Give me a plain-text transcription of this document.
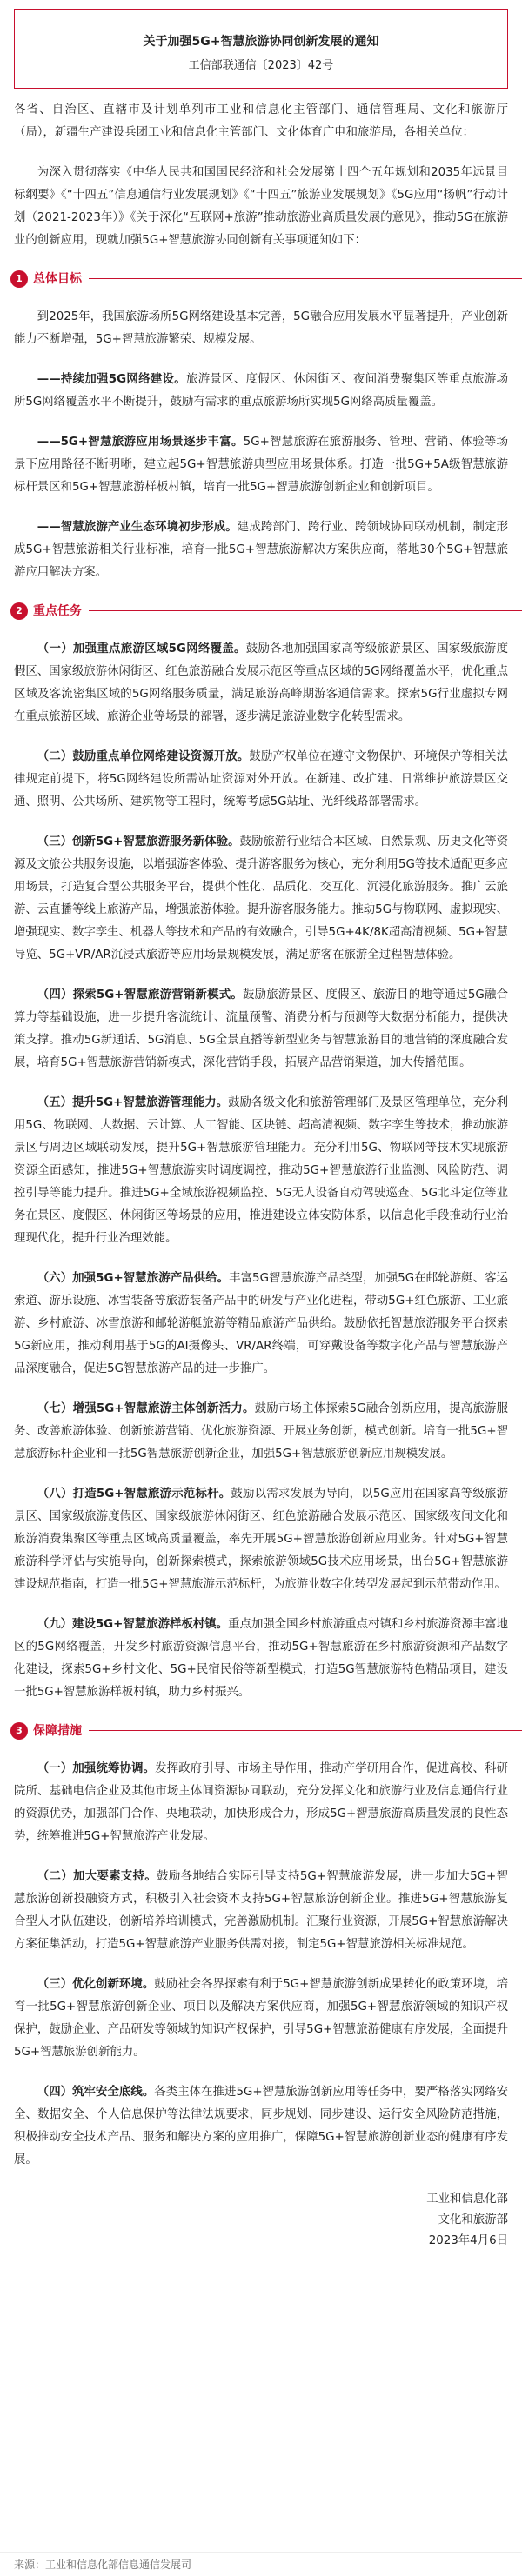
关于加强5G+智慧旅游协同创新发展的通知
工信部联通信〔2023〕42号

各省、自治区、直辖市及计划单列市工业和信息化主管部门、通信管理局、文化和旅游厅（局），新疆生产建设兵团工业和信息化主管部门、文化体育广电和旅游局，各相关单位：

为深入贯彻落实《中华人民共和国国民经济和社会发展第十四个五年规划和2035年远景目标纲要》《“十四五”信息通信行业发展规划》《“十四五”旅游业发展规划》《5G应用“扬帆”行动计划（2021-2023年）》《关于深化“互联网+旅游”推动旅游业高质量发展的意见》，推动5G在旅游业的创新应用，现就加强5G+智慧旅游协同创新有关事项通知如下：

1 总体目标

到2025年，我国旅游场所5G网络建设基本完善，5G融合应用发展水平显著提升，产业创新能力不断增强，5G+智慧旅游繁荣、规模发展。

——持续加强5G网络建设。旅游景区、度假区、休闲街区、夜间消费聚集区等重点旅游场所5G网络覆盖水平不断提升，鼓励有需求的重点旅游场所实现5G网络高质量覆盖。

——5G+智慧旅游应用场景逐步丰富。5G+智慧旅游在旅游服务、管理、营销、体验等场景下应用路径不断明晰，建立起5G+智慧旅游典型应用场景体系。打造一批5G+5A级智慧旅游标杆景区和5G+智慧旅游样板村镇，培育一批5G+智慧旅游创新企业和创新项目。

——智慧旅游产业生态环境初步形成。建成跨部门、跨行业、跨领域协同联动机制，制定形成5G+智慧旅游相关行业标准，培育一批5G+智慧旅游解决方案供应商，落地30个5G+智慧旅游应用解决方案。

2 重点任务

（一）加强重点旅游区域5G网络覆盖。鼓励各地加强国家高等级旅游景区、国家级旅游度假区、国家级旅游休闲街区、红色旅游融合发展示范区等重点区域的5G网络覆盖水平，优化重点区域及客流密集区域的5G网络服务质量，满足旅游高峰期游客通信需求。探索5G行业虚拟专网在重点旅游区域、旅游企业等场景的部署，逐步满足旅游业数字化转型需求。

（二）鼓励重点单位网络建设资源开放。鼓励产权单位在遵守文物保护、环境保护等相关法律规定前提下，将5G网络建设所需站址资源对外开放。在新建、改扩建、日常维护旅游景区交通、照明、公共场所、建筑物等工程时，统筹考虑5G站址、光纤线路部署需求。

（三）创新5G+智慧旅游服务新体验。鼓励旅游行业结合本区域、自然景观、历史文化等资源及文旅公共服务设施，以增强游客体验、提升游客服务为核心，充分利用5G等技术适配更多应用场景，打造复合型公共服务平台，提供个性化、品质化、交互化、沉浸化旅游服务。推广云旅游、云直播等线上旅游产品，增强旅游体验。提升游客服务能力。推动5G与物联网、虚拟现实、增强现实、数字孪生、机器人等技术和产品的有效融合，引导5G+4K/8K超高清视频、5G+智慧导览、5G+VR/AR沉浸式旅游等应用场景规模发展，满足游客在旅游全过程智慧体验。

（四）探索5G+智慧旅游营销新模式。鼓励旅游景区、度假区、旅游目的地等通过5G融合算力等基础设施，进一步提升客流统计、流量预警、消费分析与预测等大数据分析能力，提供决策支撑。推动5G新通话、5G消息、5G全景直播等新型业务与智慧旅游目的地营销的深度融合发展，培育5G+智慧旅游营销新模式，深化营销手段，拓展产品营销渠道，加大传播范围。

（五）提升5G+智慧旅游管理能力。鼓励各级文化和旅游管理部门及景区管理单位，充分利用5G、物联网、大数据、云计算、人工智能、区块链、超高清视频、数字孪生等技术，推动旅游景区与周边区域联动发展，提升5G+智慧旅游管理能力。充分利用5G、物联网等技术实现旅游资源全面感知，推进5G+智慧旅游实时调度调控，推动5G+智慧旅游行业监测、风险防范、调控引导等能力提升。推进5G+全域旅游视频监控、5G无人设备自动驾驶巡查、5G北斗定位等业务在景区、度假区、休闲街区等场景的应用，推进建设立体安防体系，以信息化手段推动行业治理现代化，提升行业治理效能。

（六）加强5G+智慧旅游产品供给。丰富5G智慧旅游产品类型，加强5G在邮轮游艇、客运索道、游乐设施、冰雪装备等旅游装备产品中的研发与产业化进程，带动5G+红色旅游、工业旅游、乡村旅游、冰雪旅游和邮轮游艇旅游等精品旅游产品供给。鼓励依托智慧旅游服务平台探索5G新应用，推动利用基于5G的AI摄像头、VR/AR终端，可穿戴设备等数字化产品与智慧旅游产品深度融合，促进5G智慧旅游产品的进一步推广。

（七）增强5G+智慧旅游主体创新活力。鼓励市场主体探索5G融合创新应用，提高旅游服务、改善旅游体验、创新旅游营销、优化旅游资源、开展业务创新，模式创新。培育一批5G+智慧旅游标杆企业和一批5G智慧旅游创新企业，加强5G+智慧旅游创新应用规模发展。

（八）打造5G+智慧旅游示范标杆。鼓励以需求发展为导向，以5G应用在国家高等级旅游景区、国家级旅游度假区、国家级旅游休闲街区、红色旅游融合发展示范区、国家级夜间文化和旅游消费集聚区等重点区域高质量覆盖，率先开展5G+智慧旅游创新应用业务。针对5G+智慧旅游科学评估与实施导向，创新探索模式，探索旅游领域5G技术应用场景，出台5G+智慧旅游建设规范指南，打造一批5G+智慧旅游示范标杆，为旅游业数字化转型发展起到示范带动作用。

（九）建设5G+智慧旅游样板村镇。重点加强全国乡村旅游重点村镇和乡村旅游资源丰富地区的5G网络覆盖，开发乡村旅游资源信息平台，推动5G+智慧旅游在乡村旅游资源和产品数字化建设，探索5G+乡村文化、5G+民宿民俗等新型模式，打造5G智慧旅游特色精品项目，建设一批5G+智慧旅游样板村镇，助力乡村振兴。

3 保障措施

（一）加强统筹协调。发挥政府引导、市场主导作用，推动产学研用合作，促进高校、科研院所、基础电信企业及其他市场主体间资源协同联动，充分发挥文化和旅游行业及信息通信行业的资源优势，加强部门合作、央地联动，加快形成合力，形成5G+智慧旅游高质量发展的良性态势，统筹推进5G+智慧旅游产业发展。

（二）加大要素支持。鼓励各地结合实际引导支持5G+智慧旅游发展，进一步加大5G+智慧旅游创新投融资方式，积极引入社会资本支持5G+智慧旅游创新企业。推进5G+智慧旅游复合型人才队伍建设，创新培养培训模式，完善激励机制。汇聚行业资源，开展5G+智慧旅游解决方案征集活动，打造5G+智慧旅游产业服务供需对接，制定5G+智慧旅游相关标准规范。

（三）优化创新环境。鼓励社会各界探索有利于5G+智慧旅游创新成果转化的政策环境，培育一批5G+智慧旅游创新企业、项目以及解决方案供应商，加强5G+智慧旅游领域的知识产权保护，鼓励企业、产品研发等领域的知识产权保护，引导5G+智慧旅游健康有序发展，全面提升5G+智慧旅游创新能力。

（四）筑牢安全底线。各类主体在推进5G+智慧旅游创新应用等任务中，要严格落实网络安全、数据安全、个人信息保护等法律法规要求，同步规划、同步建设、运行安全风险防范措施，积极推动安全技术产品、服务和解决方案的应用推广，保障5G+智慧旅游创新业态的健康有序发展。

工业和信息化部
文化和旅游部
2023年4月6日
来源：工业和信息化部信息通信发展司
